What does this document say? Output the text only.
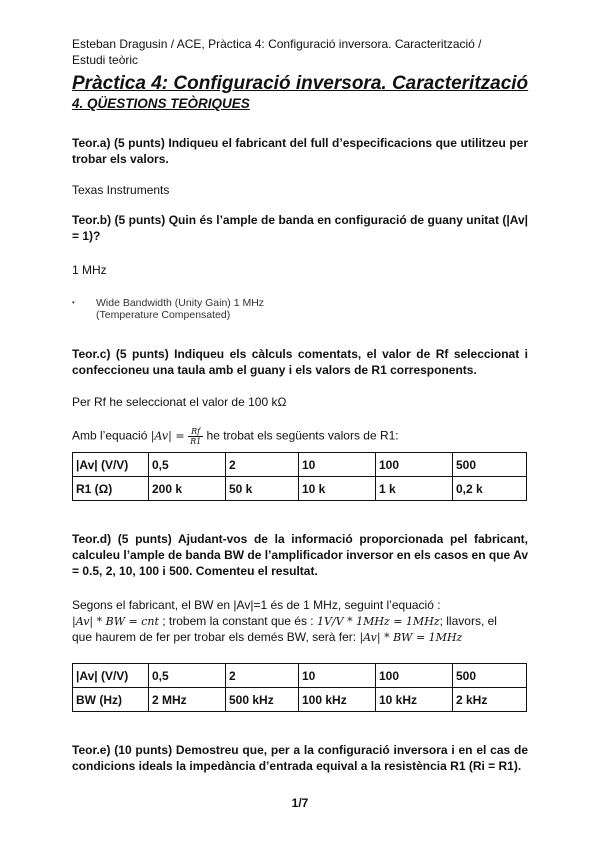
Esteban Dragusin / ACE, Pràctica 4: Configuració inversora. Caracterització /
Estudi teòric
Pràctica 4: Configuració inversora. Caracterització
4. QÜESTIONS TEÒRIQUES
Teor.a) (5 punts) Indiqueu el fabricant del full d’especificacions que utilitzeu per trobar els valors.
Texas Instruments
Teor.b) (5 punts) Quin és l’ample de banda en configuració de guany unitat (|Av| = 1)?
1 MHz
•	Wide Bandwidth (Unity Gain) 1 MHz
(Temperature Compensated)
Teor.c) (5 punts) Indiqueu els càlculs comentats, el valor de Rf seleccionat i confeccioneu una taula amb el guany i els valors de R1 corresponents.
Per Rf he seleccionat el valor de 100 kΩ
Amb l’equació $|Av| = \frac{Rf}{R1}$ he trobat els següents valors de R1:
|Av| (V/V)	0,5	2	10	100	500
R1 (Ω)	200 k	50 k	10 k	1 k	0,2 k
Teor.d) (5 punts) Ajudant-vos de la informació proporcionada pel fabricant, calculeu l’ample de banda BW de l’amplificador inversor en els casos en que Av = 0.5, 2, 10, 100 i 500. Comenteu el resultat.
Segons el fabricant, el BW en |Av|=1 és de 1 MHz, seguint l’equació :
|Av| * BW = cnt ; trobem la constant que és : 1V/V * 1MHz = 1MHz; llavors, el
que haurem de fer per trobar els demés BW, serà fer: |Av| * BW = 1MHz
|Av| (V/V)	0,5	2	10	100	500
BW (Hz)	2 MHz	500 kHz	100 kHz	10 kHz	2 kHz
Teor.e) (10 punts) Demostreu que, per a la configuració inversora i en el cas de condicions ideals la impedància d’entrada equival a la resistència R1 (Ri = R1).
1/7
